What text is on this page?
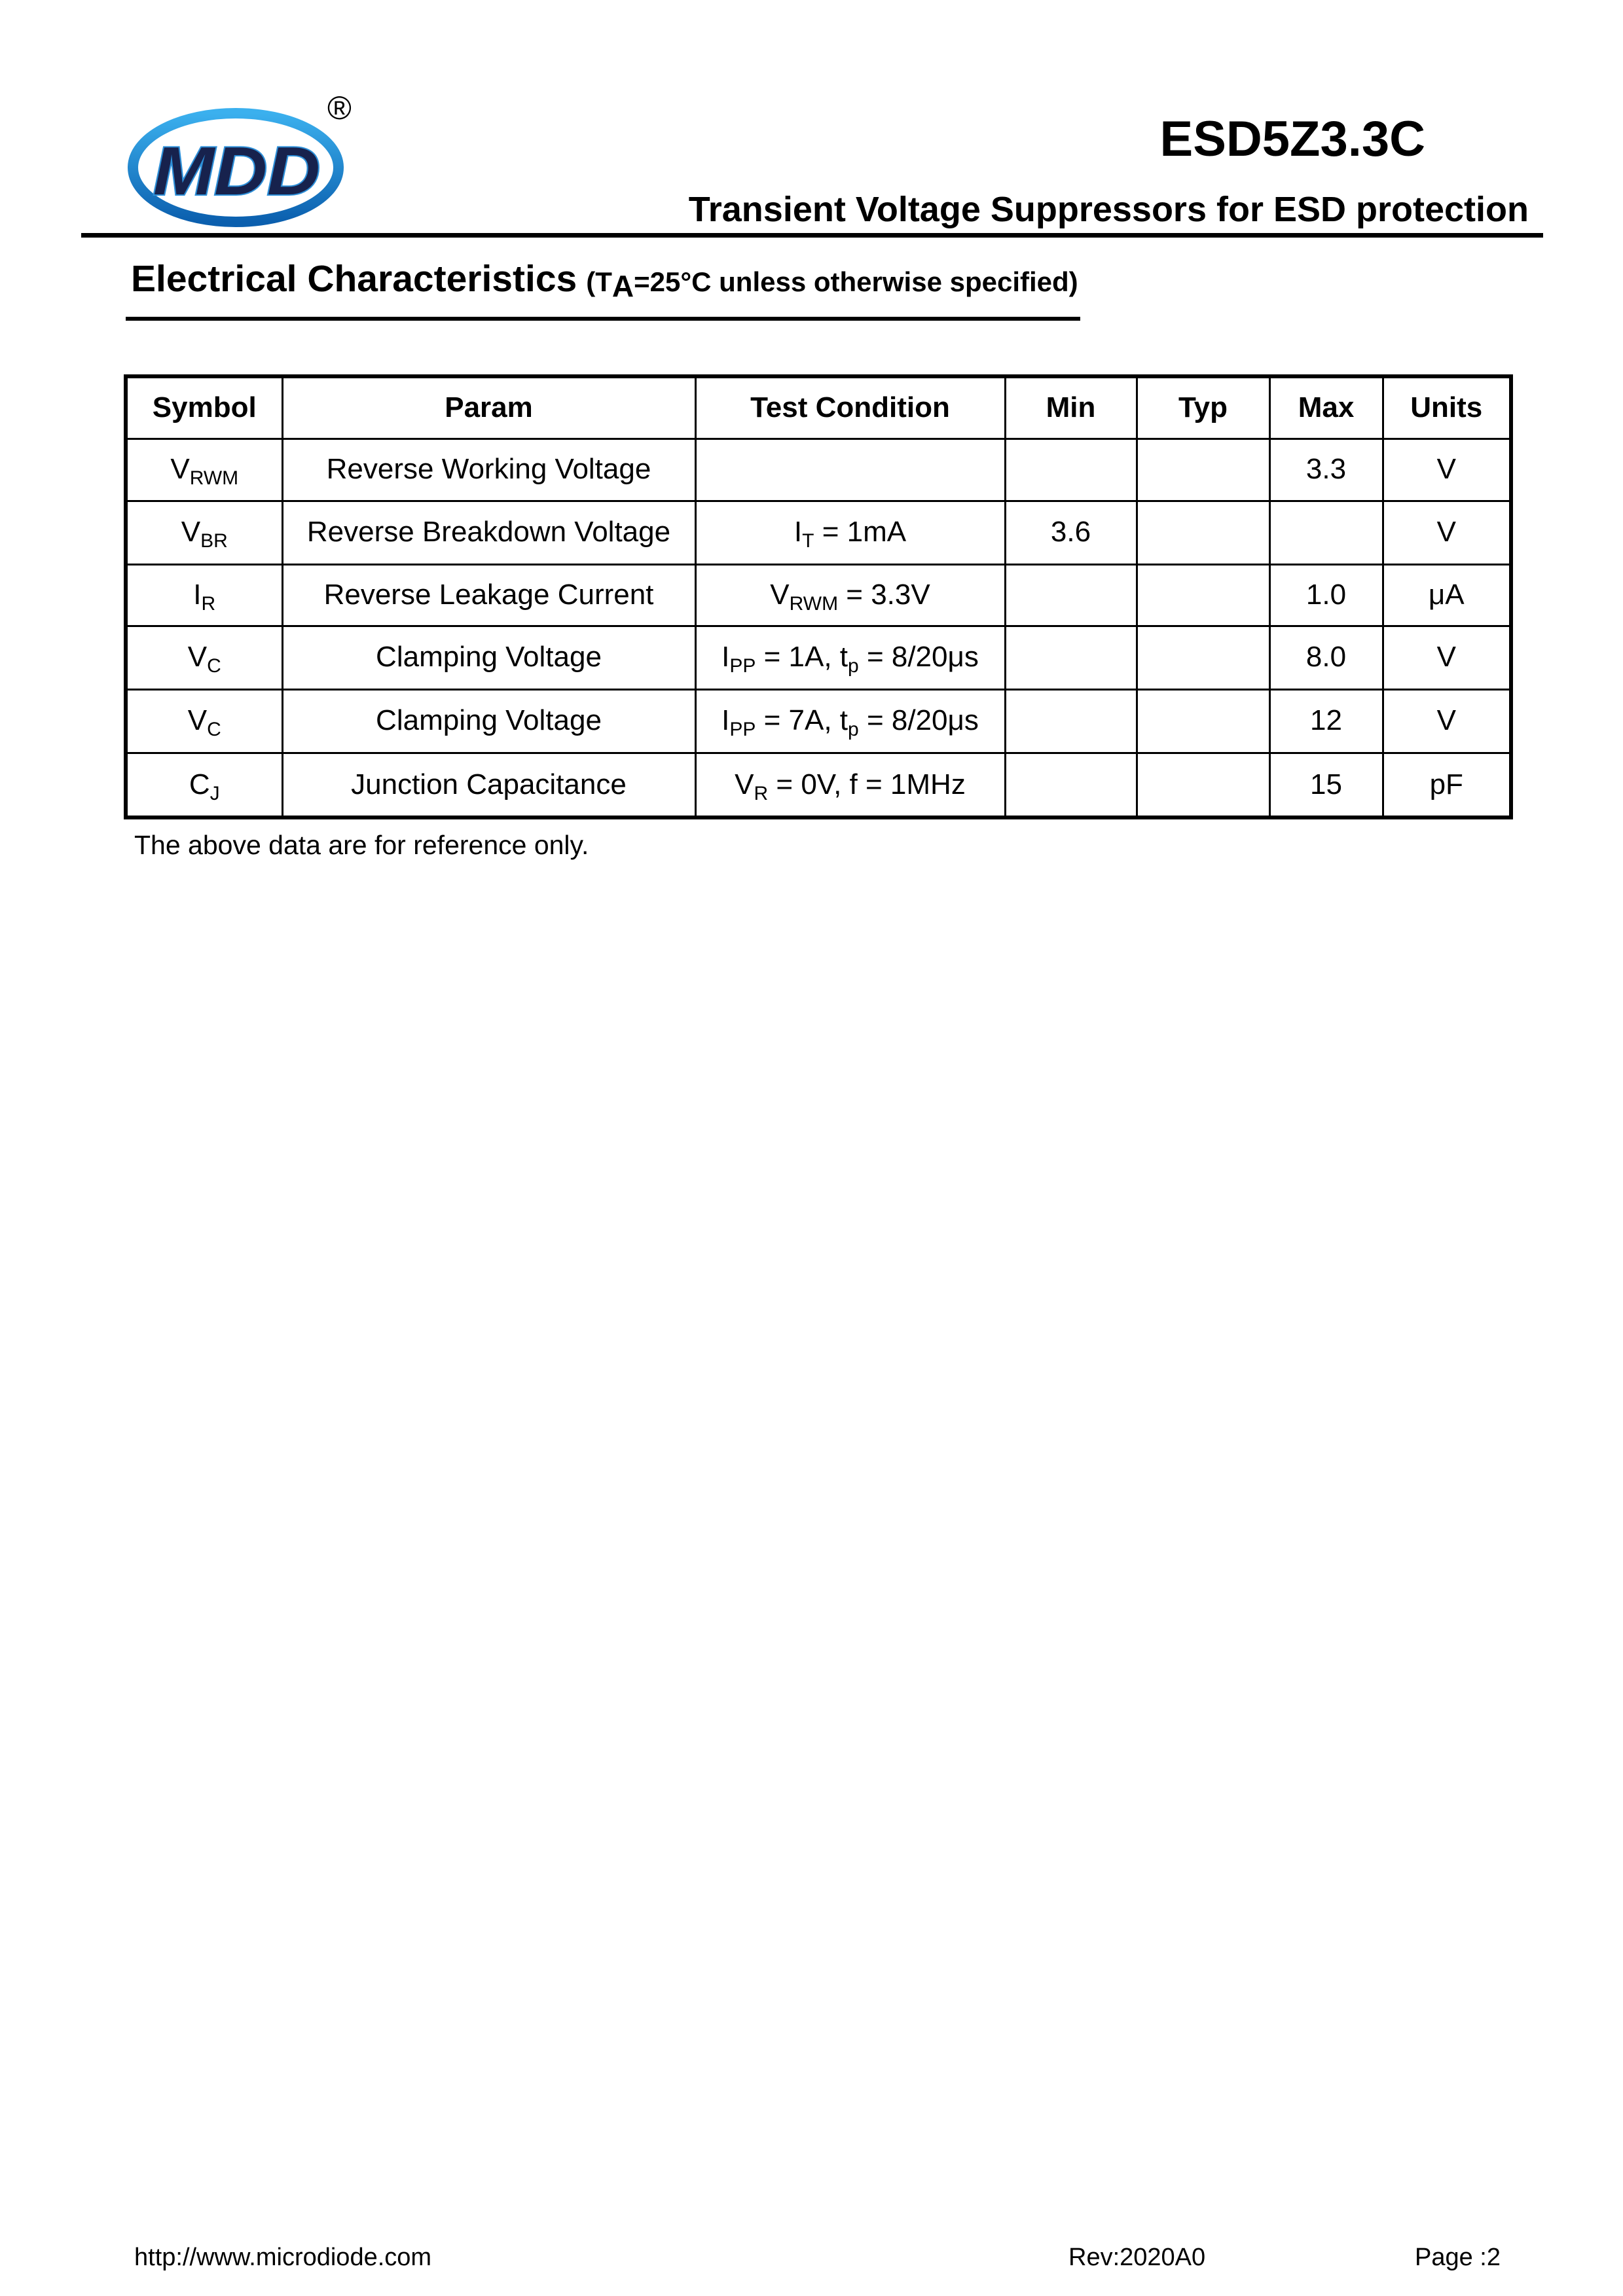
MDD
®
ESD5Z3.3C
Transient Voltage Suppressors for ESD protection
Electrical Characteristics (TA=25°C unless otherwise specified)
Symbol	Param	Test Condition	Min	Typ	Max	Units
$V_{RWM}$	Reverse Working Voltage				3.3	V
$V_{BR}$	Reverse Breakdown Voltage	$I_T = 1mA$	3.6			V
$I_R$	Reverse Leakage Current	$V_{RWM} = 3.3V$			1.0	μA
$V_C$	Clamping Voltage	$I_{PP} = 1A$, $t_p = 8/20\mu s$			8.0	V
$V_C$	Clamping Voltage	$I_{PP} = 7A$, $t_p = 8/20\mu s$			12	V
$C_J$	Junction Capacitance	$V_R = 0V$, f = 1MHz			15	pF
The above data are for reference only.
http://www.microdiode.com	Rev:2020A0	Page :2
